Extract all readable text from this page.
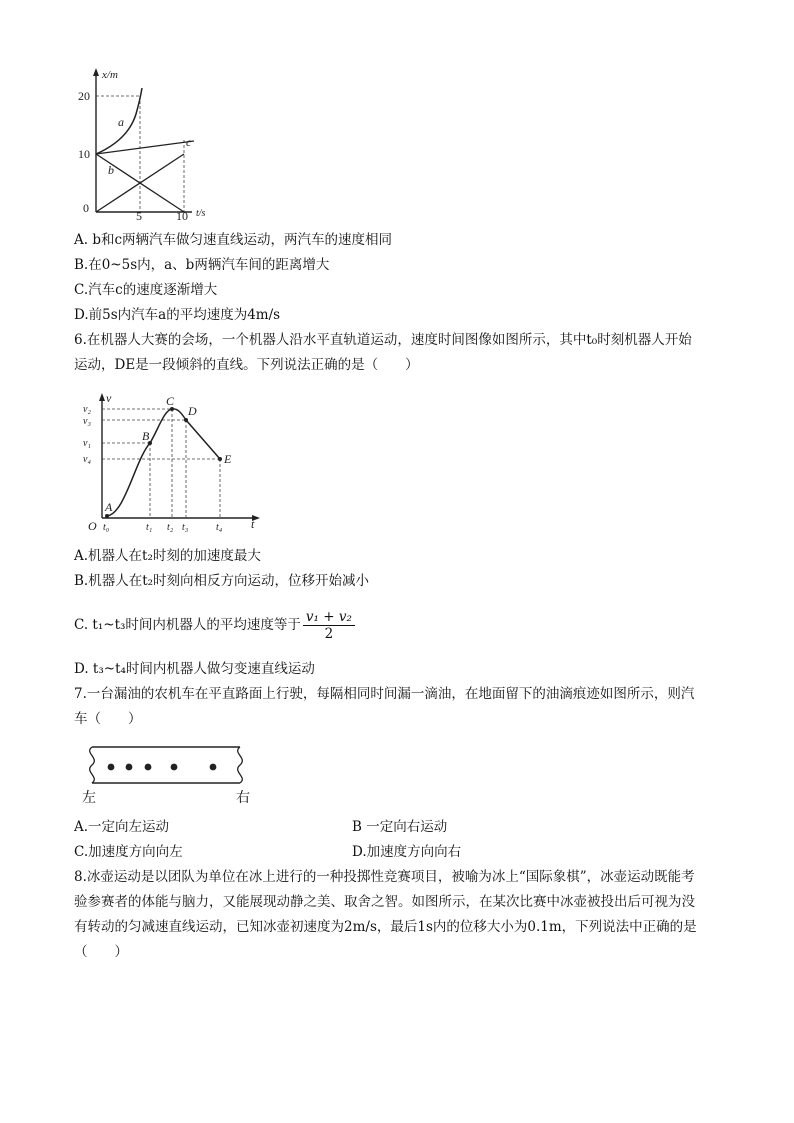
x/m
t/s
20
10
0
5	10
a
b
c
A. b和c两辆汽车做匀速直线运动，两汽车的速度相同
B.在0~5s内，a、b两辆汽车间的距离增大
C.汽车c的速度逐渐增大
D.前5s内汽车a的平均速度为4m/s
6.在机器人大赛的会场，一个机器人沿水平直轨道运动，速度时间图像如图所示，其中t₀时刻机器人开始
运动，DE是一段倾斜的直线。下列说法正确的是（　　）
v
t
O
v₂
v₃
v₁
v₄
t₀	t₁ t₂ t₃	t₄
A
B
C
D
E
A.机器人在t₂时刻的加速度最大
B.机器人在t₂时刻向相反方向运动，位移开始减小
C. t₁~t₃时间内机器人的平均速度等于 $\frac{\text{v₁ + v₂}}{2}$
D. t₃~t₄时间内机器人做匀变速直线运动
7.一台漏油的农机车在平直路面上行驶，每隔相同时间漏一滴油，在地面留下的油滴痕迹如图所示，则汽
车（　　）
左	右
A.一定向左运动	B 一定向右运动
C.加速度方向向左	D.加速度方向向右
8.冰壶运动是以团队为单位在冰上进行的一种投掷性竞赛项目，被喻为冰上“国际象棋”，冰壶运动既能考
验参赛者的体能与脑力，又能展现动静之美、取舍之智。如图所示，在某次比赛中冰壶被投出后可视为没
有转动的匀减速直线运动，已知冰壶初速度为2m/s，最后1s内的位移大小为0.1m，下列说法中正确的是
（　　）
